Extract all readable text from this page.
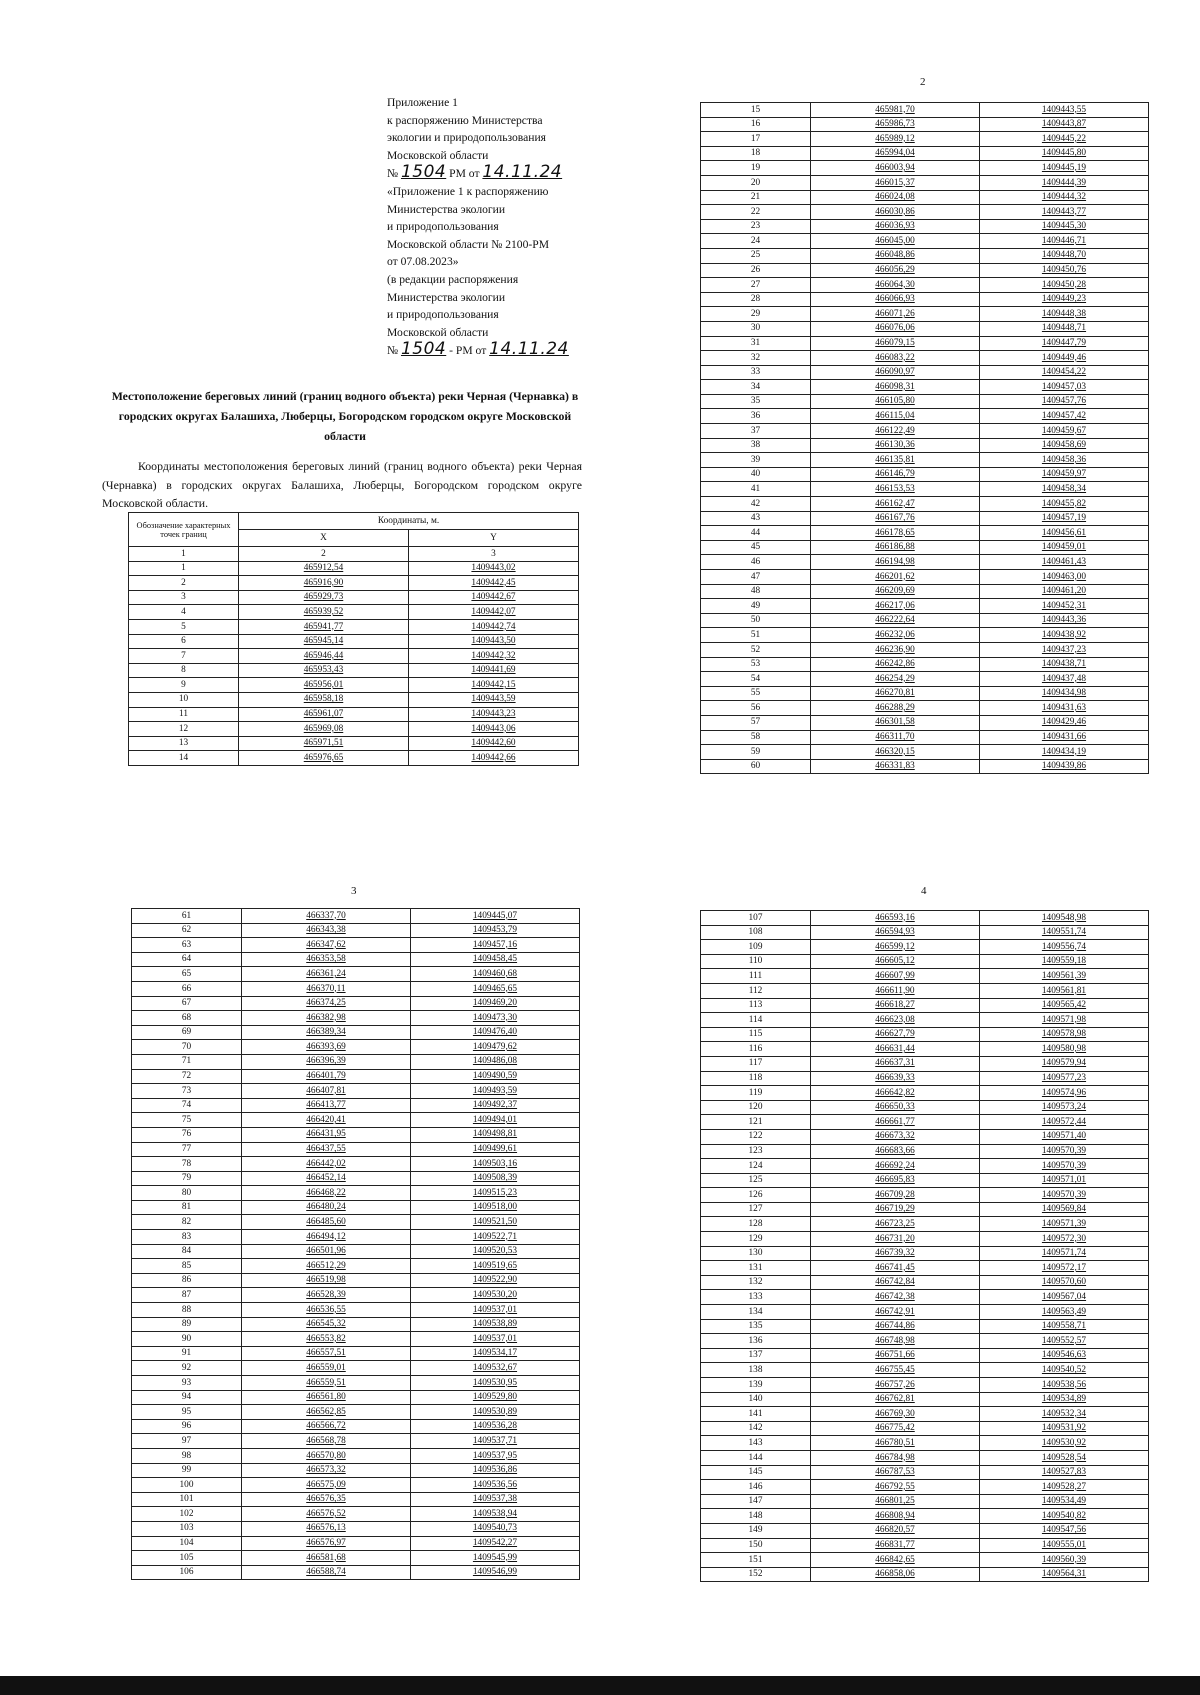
Приложение 1
к распоряжению Министерства
экологии и природопользования
Московской области
№ 1504 РМ от 14.11.24
«Приложение 1 к распоряжению
Министерства экологии
и природопользования
Московской области № 2100-РМ
от 07.08.2023»
(в редакции распоряжения
Министерства экологии
и природопользования
Московской области
№ 1504 - РМ от 14.11.24
Местоположение береговых линий (границ водного объекта) реки Черная (Чернавка) в городских округах Балашиха, Люберцы, Богородском городском округе Московской области
Координаты местоположения береговых линий (границ водного объекта) реки Черная (Чернавка) в городских округах Балашиха, Люберцы, Богородском городском округе Московской области.
Обозначение характерных точек границ	Координаты, м.	
	X	Y
1	2	3
1	465912,54	1409443,02
2	465916,90	1409442,45
3	465929,73	1409442,67
4	465939,52	1409442,07
5	465941,77	1409442,74
6	465945,14	1409443,50
7	465946,44	1409442,32
8	465953,43	1409441,69
9	465956,01	1409442,15
10	465958,18	1409443,59
11	465961,07	1409443,23
12	465969,08	1409443,06
13	465971,51	1409442,60
14	465976,65	1409442,66
2
15	465981,70	1409443,55
16	465986,73	1409443,87
17	465989,12	1409445,22
18	465994,04	1409445,80
19	466003,94	1409445,19
20	466015,37	1409444,39
21	466024,08	1409444,32
22	466030,86	1409443,77
23	466036,93	1409445,30
24	466045,00	1409446,71
25	466048,86	1409448,70
26	466056,29	1409450,76
27	466064,30	1409450,28
28	466066,93	1409449,23
29	466071,26	1409448,38
30	466076,06	1409448,71
31	466079,15	1409447,79
32	466083,22	1409449,46
33	466090,97	1409454,22
34	466098,31	1409457,03
35	466105,80	1409457,76
36	466115,04	1409457,42
37	466122,49	1409459,67
38	466130,36	1409458,69
39	466135,81	1409458,36
40	466146,79	1409459,97
41	466153,53	1409458,34
42	466162,47	1409455,82
43	466167,76	1409457,19
44	466178,65	1409456,61
45	466186,88	1409459,01
46	466194,98	1409461,43
47	466201,62	1409463,00
48	466209,69	1409461,20
49	466217,06	1409452,31
50	466222,64	1409443,36
51	466232,06	1409438,92
52	466236,90	1409437,23
53	466242,86	1409438,71
54	466254,29	1409437,48
55	466270,81	1409434,98
56	466288,29	1409431,63
57	466301,58	1409429,46
58	466311,70	1409431,66
59	466320,15	1409434,19
60	466331,83	1409439,86
3
61	466337,70	1409445,07
62	466343,38	1409453,79
63	466347,62	1409457,16
64	466353,58	1409458,45
65	466361,24	1409460,68
66	466370,11	1409465,65
67	466374,25	1409469,20
68	466382,98	1409473,30
69	466389,34	1409476,40
70	466393,69	1409479,62
71	466396,39	1409486,08
72	466401,79	1409490,59
73	466407,81	1409493,59
74	466413,77	1409492,37
75	466420,41	1409494,01
76	466431,95	1409498,81
77	466437,55	1409499,61
78	466442,02	1409503,16
79	466452,14	1409508,39
80	466468,22	1409515,23
81	466480,24	1409518,00
82	466485,60	1409521,50
83	466494,12	1409522,71
84	466501,96	1409520,53
85	466512,29	1409519,65
86	466519,98	1409522,90
87	466528,39	1409530,20
88	466536,55	1409537,01
89	466545,32	1409538,89
90	466553,82	1409537,01
91	466557,51	1409534,17
92	466559,01	1409532,67
93	466559,51	1409530,95
94	466561,80	1409529,80
95	466562,85	1409530,89
96	466566,72	1409536,28
97	466568,78	1409537,71
98	466570,80	1409537,95
99	466573,32	1409536,86
100	466575,09	1409536,56
101	466576,35	1409537,38
102	466576,52	1409538,94
103	466576,13	1409540,73
104	466576,97	1409542,27
105	466581,68	1409545,99
106	466588,74	1409546,99
4
107	466593,16	1409548,98
108	466594,93	1409551,74
109	466599,12	1409556,74
110	466605,12	1409559,18
111	466607,99	1409561,39
112	466611,90	1409561,81
113	466618,27	1409565,42
114	466623,08	1409571,98
115	466627,79	1409578,98
116	466631,44	1409580,98
117	466637,31	1409579,94
118	466639,33	1409577,23
119	466642,82	1409574,96
120	466650,33	1409573,24
121	466661,77	1409572,44
122	466673,32	1409571,40
123	466683,66	1409570,39
124	466692,24	1409570,39
125	466695,83	1409571,01
126	466709,28	1409570,39
127	466719,29	1409569,84
128	466723,25	1409571,39
129	466731,20	1409572,30
130	466739,32	1409571,74
131	466741,45	1409572,17
132	466742,84	1409570,60
133	466742,38	1409567,04
134	466742,91	1409563,49
135	466744,86	1409558,71
136	466748,98	1409552,57
137	466751,66	1409546,63
138	466755,45	1409540,52
139	466757,26	1409538,56
140	466762,81	1409534,89
141	466769,30	1409532,34
142	466775,42	1409531,92
143	466780,51	1409530,92
144	466784,98	1409528,54
145	466787,53	1409527,83
146	466792,55	1409528,27
147	466801,25	1409534,49
148	466808,94	1409540,82
149	466820,57	1409547,56
150	466831,77	1409555,01
151	466842,65	1409560,39
152	466858,06	1409564,31
